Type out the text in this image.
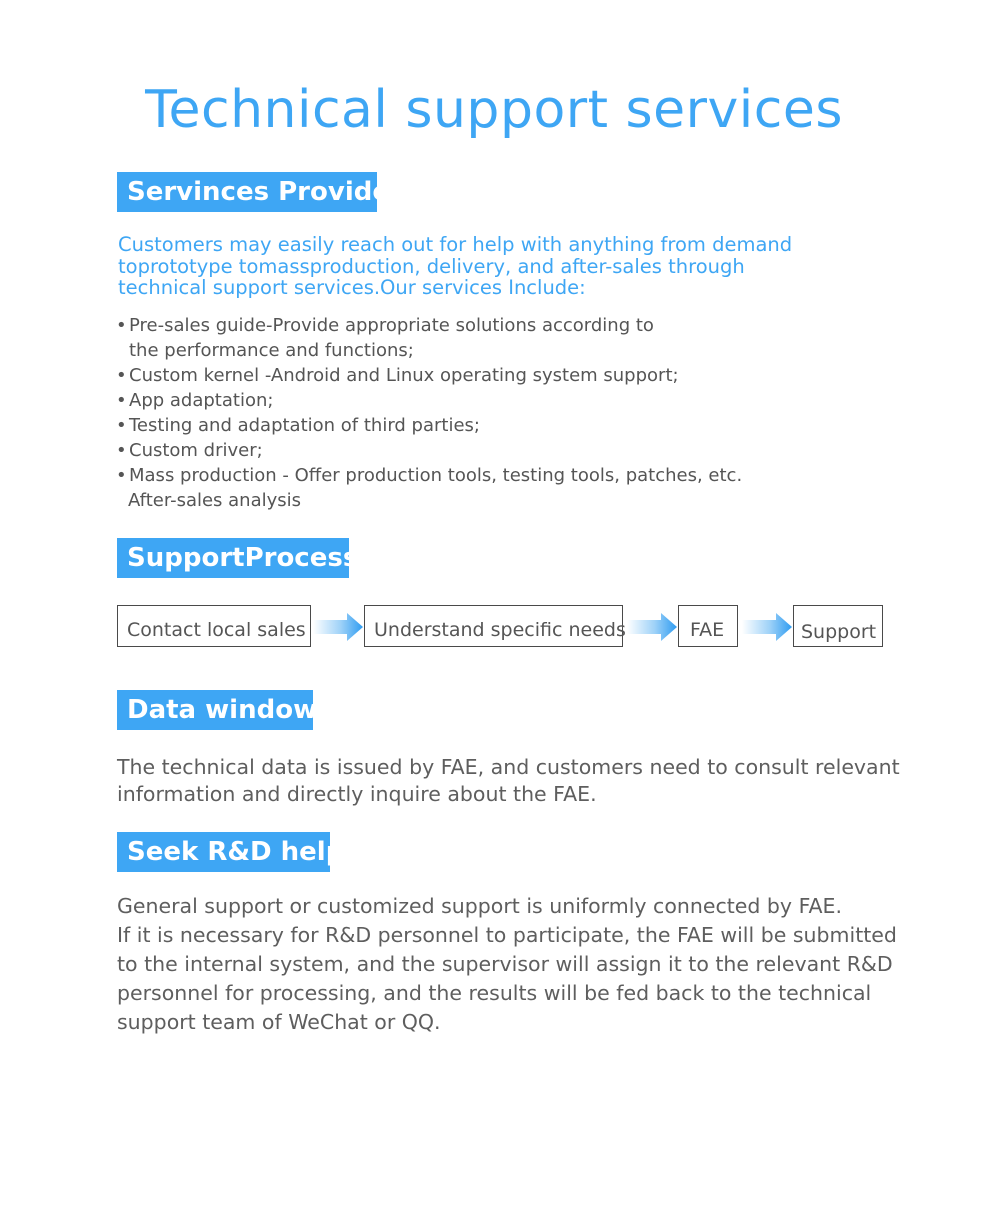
Technical support services
Servinces Provided

Customers may easily reach out for help with anything from demand toprototype tomassproduction, delivery, and after-sales through technical support services.Our services Include:

• Pre-sales guide-Provide appropriate solutions according to the performance and functions;
• Custom kernel -Android and Linux operating system support;
• App adaptation;
• Testing and adaptation of third parties;
• Custom driver;
• Mass production - Offer production tools, testing tools, patches, etc.
After-sales analysis
SupportProcess
Contact local sales	Understand specific needs	FAE	Support
Data window
The technical data is issued by FAE, and customers need to consult relevant
information and directly inquire about the FAE.
Seek R&D help
General support or customized support is uniformly connected by FAE.
If it is necessary for R&D personnel to participate, the FAE will be submitted
to the internal system, and the supervisor will assign it to the relevant R&D
personnel for processing, and the results will be fed back to the technical
support team of WeChat or QQ.
